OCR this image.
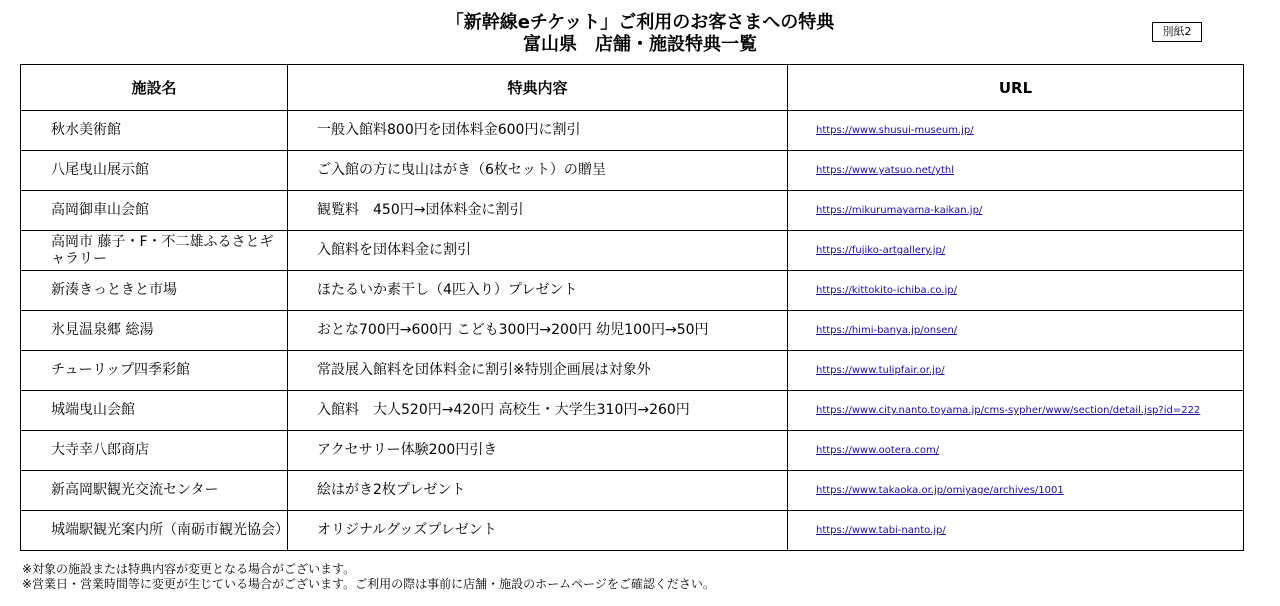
「新幹線eチケット」ご利用のお客さまへの特典
富山県　店舗・施設特典一覧
別紙2
施設名	特典内容	URL
秋水美術館	一般入館料800円を団体料金600円に割引	https://www.shusui-museum.jp/
八尾曳山展示館	ご入館の方に曳山はがき（6枚セット）の贈呈	https://www.yatsuo.net/ythl
高岡御車山会館	観覧料　450円→団体料金に割引	https://mikurumayama-kaikan.jp/
高岡市 藤子・F・不二雄ふるさとギャラリー	入館料を団体料金に割引	https://fujiko-artgallery.jp/
新湊きっときと市場	ほたるいか素干し（4匹入り）プレゼント	https://kittokito-ichiba.co.jp/
氷見温泉郷 総湯	おとな700円→600円 こども300円→200円 幼児100円→50円	https://himi-banya.jp/onsen/
チューリップ四季彩館	常設展入館料を団体料金に割引※特別企画展は対象外	https://www.tulipfair.or.jp/
城端曳山会館	入館料　大人520円→420円 高校生・大学生310円→260円	https://www.city.nanto.toyama.jp/cms-sypher/www/section/detail.jsp?id=222
大寺幸八郎商店	アクセサリー体験200円引き	https://www.ootera.com/
新高岡駅観光交流センター	絵はがき2枚プレゼント	https://www.takaoka.or.jp/omiyage/archives/1001
城端駅観光案内所（南砺市観光協会）	オリジナルグッズプレゼント	https://www.tabi-nanto.jp/
※対象の施設または特典内容が変更となる場合がございます。
※営業日・営業時間等に変更が生じている場合がございます。ご利用の際は事前に店舗・施設のホームページをご確認ください。
